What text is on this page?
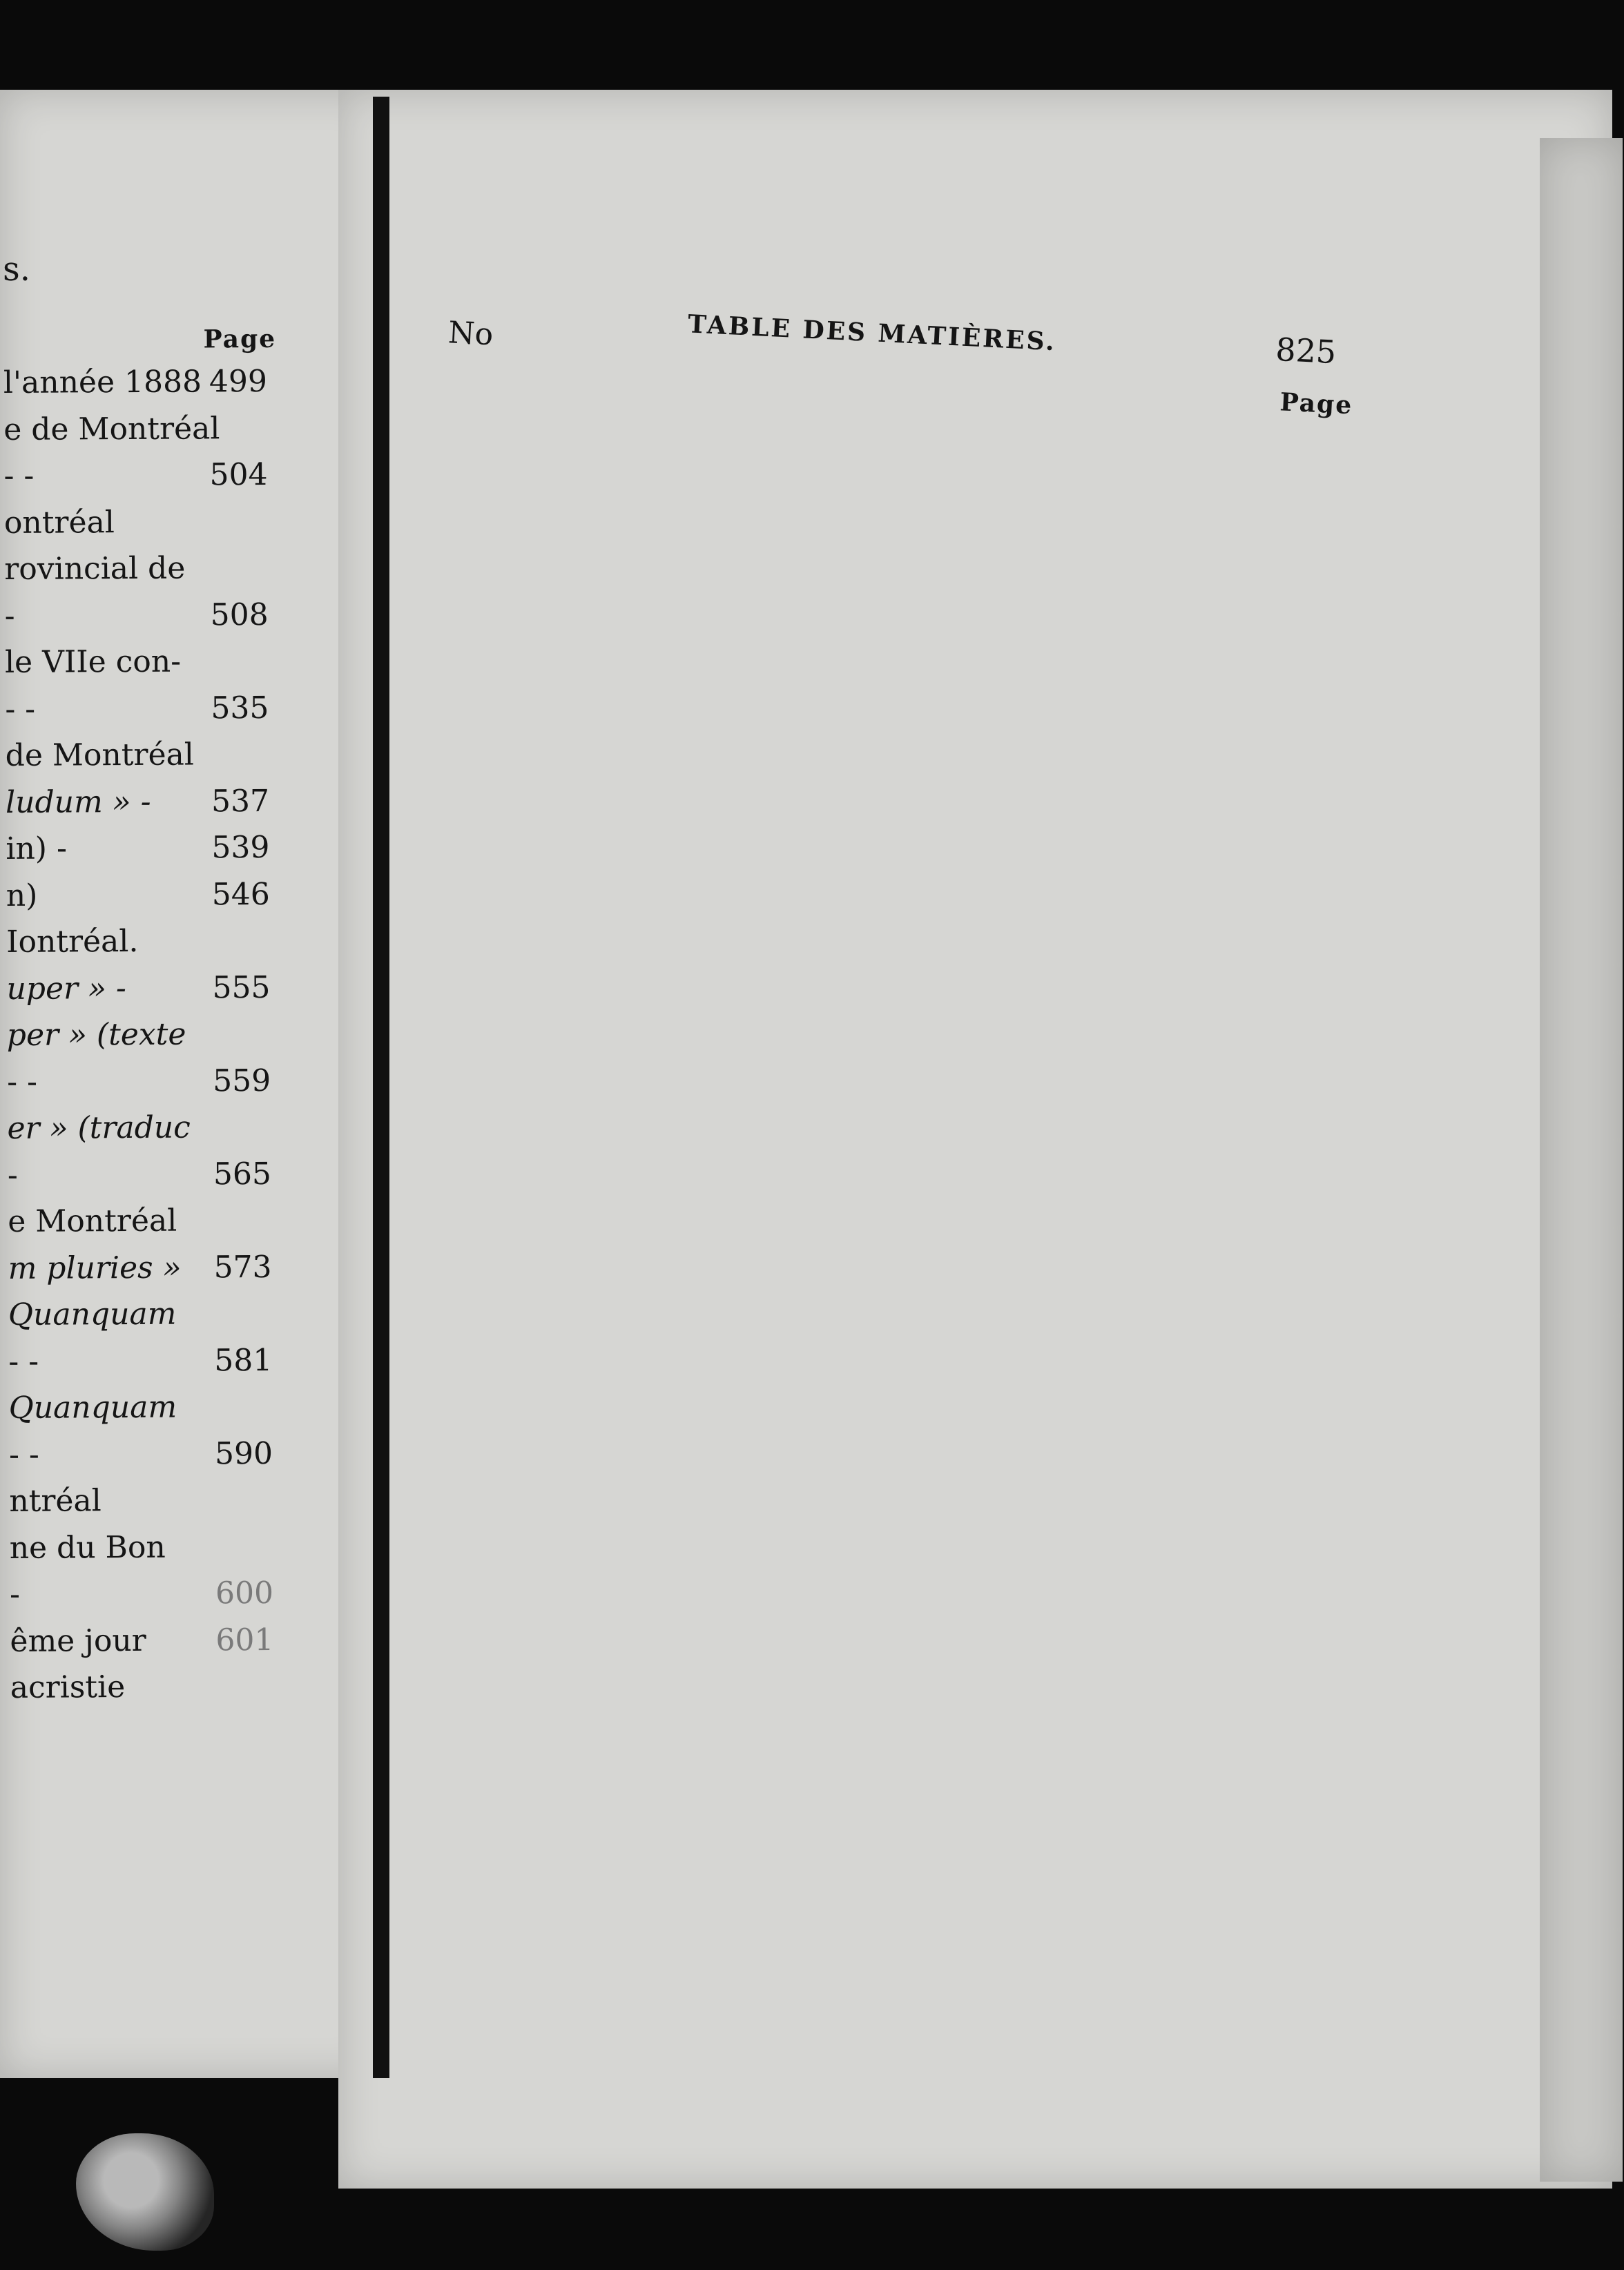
s.
Page
l'année 1888 499
e de Montréal
- -	504
ontréal
rovincial de
-	508
le VIIe con-
- -	535
de Montréal
ludum » - 537
in) -	539
n)	546
Iontréal.
uper » -	555
per » (texte
- -	559
er » (traduc
-	565
e Montréal
m pluries » 573
Quanquam
- -	581
Quanquam
- -	590
ntréal
ne du Bon
-	600
ême jour 601
acristie
TABLE DES MATIÈRES.	825
No
Page
